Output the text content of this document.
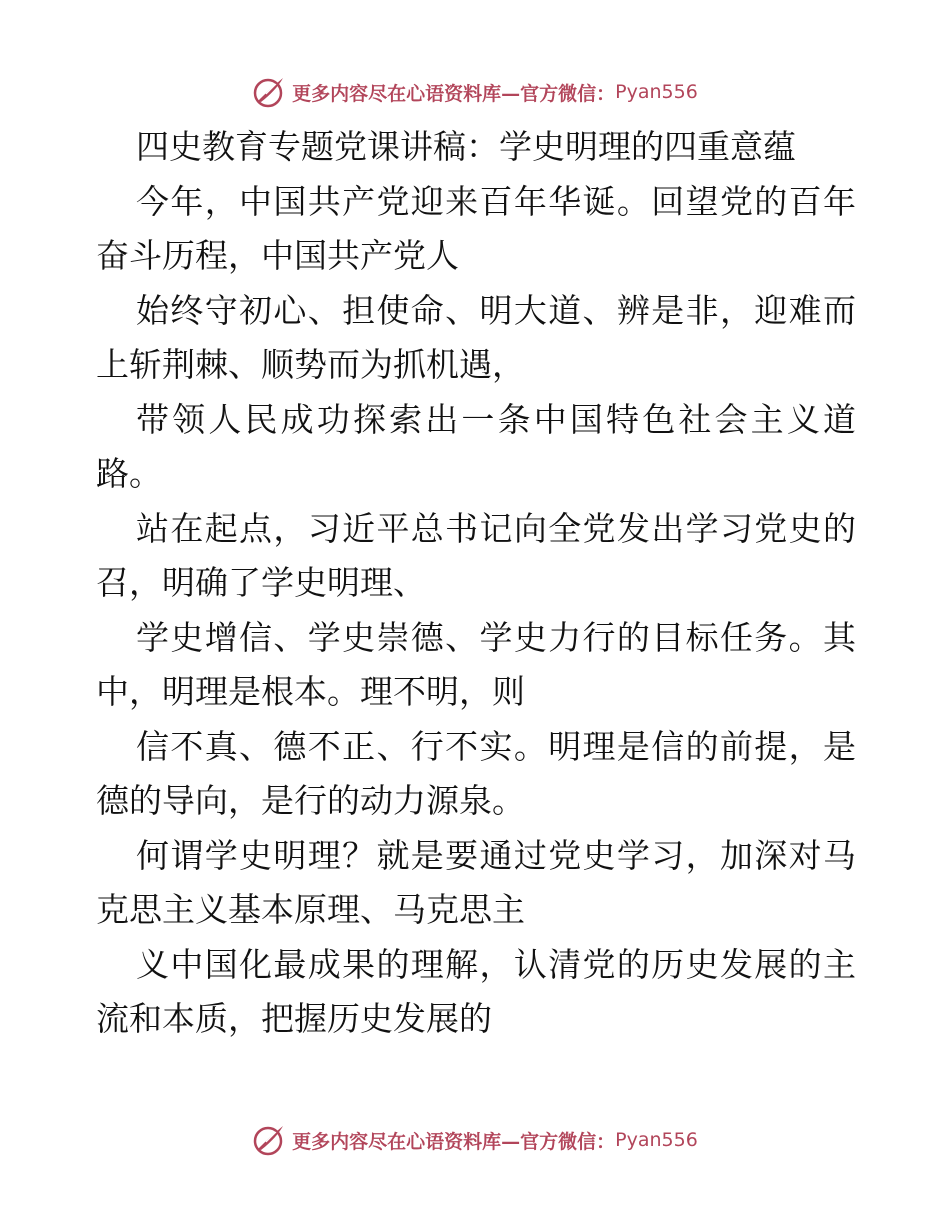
更多内容尽在心语资料库—官方微信： Pyan556

四史教育专题党课讲稿：学史明理的四重意蕴

今年，中国共产党迎来百年华诞。回望党的百年奋斗历程，中国共产党人

始终守初心、担使命、明大道、辨是非，迎难而上斩荆棘、顺势而为抓机遇，

带领人民成功探索出一条中国特色社会主义道路。

站在起点，习近平总书记向全党发出学习党史的召，明确了学史明理、

学史增信、学史崇德、学史力行的目标任务。其中，明理是根本。理不明，则

信不真、德不正、行不实。明理是信的前提，是德的导向，是行的动力源泉。

何谓学史明理？就是要通过党史学习，加深对马克思主义基本原理、马克思主

义中国化最成果的理解，认清党的历史发展的主流和本质，把握历史发展的

更多内容尽在心语资料库—官方微信： Pyan556
